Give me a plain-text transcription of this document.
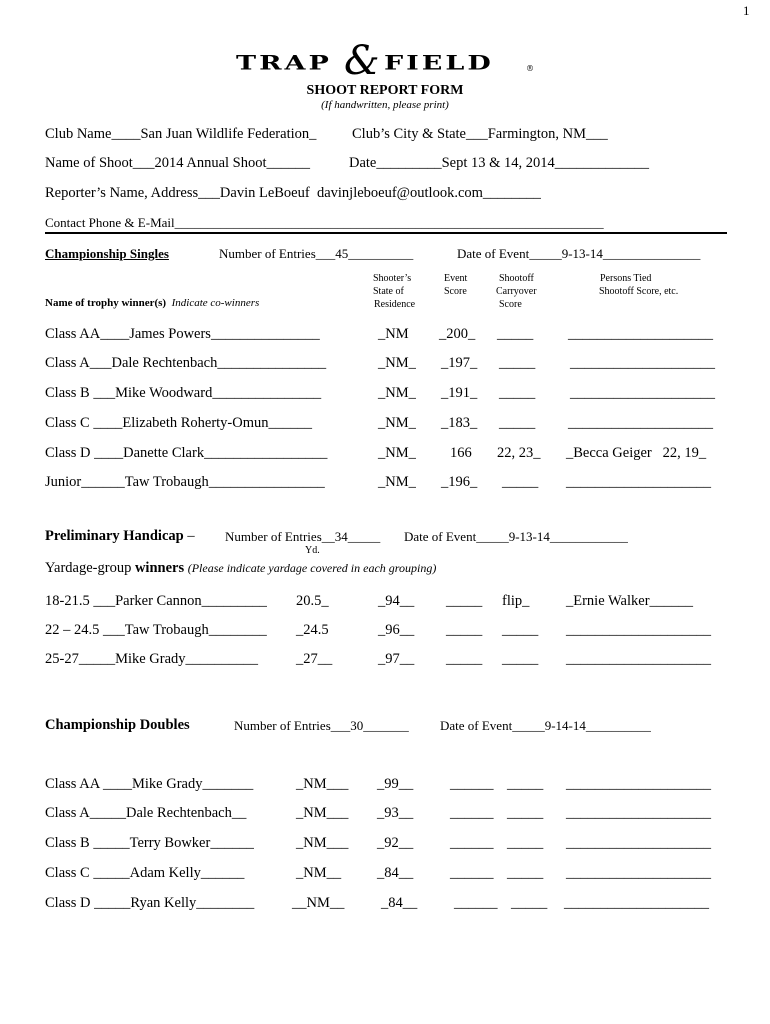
1
TRAP & FIELD	®
SHOOT REPORT FORM
(If handwritten, please print)
Club Name____San Juan Wildlife Federation_ Club’s City & State___Farmington, NM___
Name of Shoot___2014 Annual Shoot______	Date_________Sept 13 & 14, 2014_____________
Reporter’s Name, Address___Davin LeBoeuf  davinjleboeuf@outlook.com________
Contact Phone & E-Mail__________________________________________________________________
Championship Singles	Number of Entries___45__________	Date of Event_____9-13-14_______________
Shooter’s
State of
Residence
Event
Score
Shootoff
Carryover
Score
Persons Tied
Shootoff Score, etc.
Name of trophy winner(s) Indicate co-winners
Class AA____James Powers_______________	_NM _200_ _____ ____________________
Class A___Dale Rechtenbach_______________	_NM_ _197_ _____ ____________________
Class B ___Mike Woodward_______________	_NM_ _191_ _____ ____________________
Class C ____Elizabeth Roherty-Omun______	_NM_ _183_ _____ ____________________
Class D ____Danette Clark_________________	_NM_ 166 22, 23_ _Becca Geiger   22, 19_
Junior______Taw Trobaugh________________	_NM_ _196_ _____ ____________________
Preliminary Handicap – Number of Entries__34_____ Date of Event_____9-13-14____________
Yd.
Yardage-group winners (Please indicate yardage covered in each grouping)
18-21.5 ___Parker Cannon_________ 20.5_	_94__ _____ flip_	_Ernie Walker______
22 – 24.5 ___Taw Trobaugh________ _24.5	_96__ _____ _____ ____________________
25-27_____Mike Grady__________	_27__	_97__ _____ _____ ____________________
Championship Doubles	Number of Entries___30_______ Date of Event_____9-14-14__________
Class AA ____Mike Grady_______	_NM___ _99__	______ _____ ____________________
Class A_____Dale Rechtenbach__	_NM___ _93__	______ _____ ____________________
Class B _____Terry Bowker______	_NM___ _92__	______ _____ ____________________
Class C _____Adam Kelly______	_NM__ _84__	______ _____ ____________________
Class D _____Ryan Kelly________	__NM__	_84__	______ _____ ____________________
